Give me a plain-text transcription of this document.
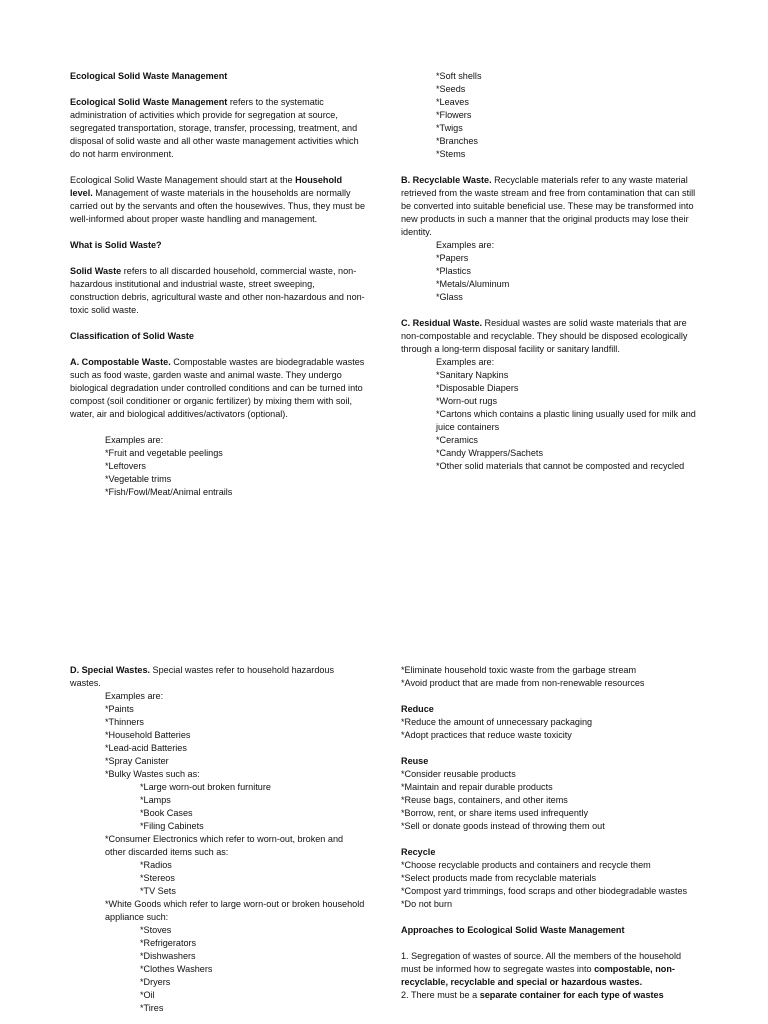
Ecological Solid Waste Management

Ecological Solid Waste Management refers to the systematic administration of activities which provide for segregation at source, segregated transportation, storage, transfer, processing, treatment, and disposal of solid waste and all other waste management activities which do not harm environment.

Ecological Solid Waste Management should start at the Household level. Management of waste materials in the households are normally carried out by the servants and often the housewives. Thus, they must be well-informed about proper waste handling and management.

What is Solid Waste?

Solid Waste refers to all discarded household, commercial waste, non-hazardous institutional and industrial waste, street sweeping, construction debris, agricultural waste and other non-hazardous and non-toxic solid waste.

Classification of Solid Waste

A. Compostable Waste. Compostable wastes are biodegradable wastes such as food waste, garden waste and animal waste. They undergo biological degradation under controlled conditions and can be turned into compost (soil conditioner or organic fertilizer) by mixing them with soil, water, air and biological additives/activators (optional).

Examples are:

*Fruit and vegetable peelings

*Leftovers

*Vegetable trims

*Fish/Fowl/Meat/Animal entrails

*Soft shells

*Seeds

*Leaves

*Flowers

*Twigs

*Branches

*Stems

B. Recyclable Waste. Recyclable materials refer to any waste material retrieved from the waste stream and free from contamination that can still be converted into suitable beneficial use. These may be transformed into new products in such a manner that the original products may lose their identity.

Examples are:

*Papers

*Plastics

*Metals/Aluminum

*Glass

C. Residual Waste. Residual wastes are solid waste materials that are non-compostable and recyclable. They should be disposed ecologically through a long-term disposal facility or sanitary landfill.

Examples are:

*Sanitary Napkins

*Disposable Diapers

*Worn-out rugs

*Cartons which contains a plastic lining usually used for milk and juice containers

*Ceramics

*Candy Wrappers/Sachets

*Other solid materials that cannot be composted and recycled

D. Special Wastes. Special wastes refer to household hazardous wastes.

Examples are:

*Paints

*Thinners

*Household Batteries

*Lead-acid Batteries

*Spray Canister

*Bulky Wastes such as:

*Large worn-out broken furniture

*Lamps

*Book Cases

*Filing Cabinets

*Consumer Electronics which refer to worn-out, broken and other discarded items such as:

*Radios

*Stereos

*TV Sets

*White Goods which refer to large worn-out or broken household appliance such:

*Stoves

*Refrigerators

*Dishwashers

*Clothes Washers

*Dryers

*Oil

*Tires

*Eliminate household toxic waste from the garbage stream

*Avoid product that are made from non-renewable resources

Reduce

*Reduce the amount of unnecessary packaging

*Adopt practices that reduce waste toxicity

Reuse

*Consider reusable products

*Maintain and repair durable products

*Reuse bags, containers, and other items

*Borrow, rent, or share items used infrequently

*Sell or donate goods instead of throwing them out

Recycle

*Choose recyclable products and containers and recycle them

*Select products made from recyclable materials

*Compost yard trimmings, food scraps and other biodegradable wastes

*Do not burn

Approaches to Ecological Solid Waste Management

1. Segregation of wastes of source. All the members of the household must be informed how to segregate wastes into compostable, non-recyclable, recyclable and special or hazardous wastes.

2. There must be a separate container for each type of wastes
